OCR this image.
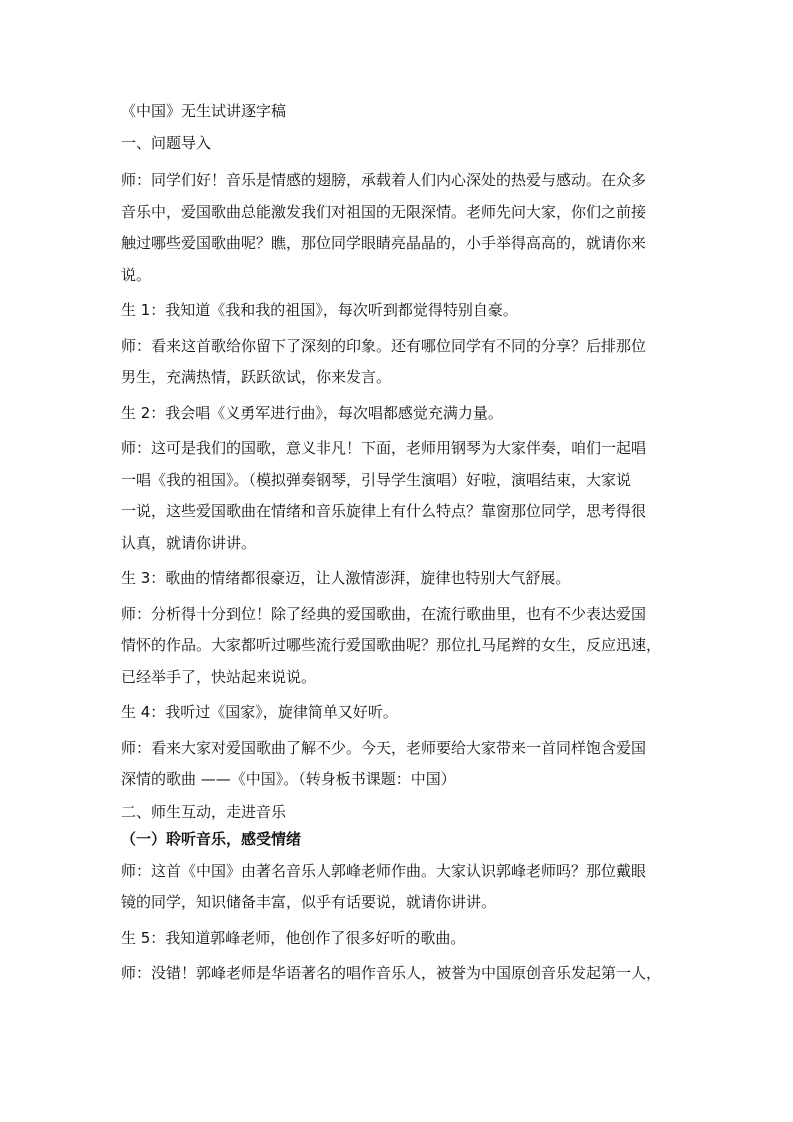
《中国》无生试讲逐字稿

一、问题导入

师：同学们好！音乐是情感的翅膀，承载着人们内心深处的热爱与感动。在众多
音乐中，爱国歌曲总能激发我们对祖国的无限深情。老师先问大家，你们之前接
触过哪些爱国歌曲呢？瞧，那位同学眼睛亮晶晶的，小手举得高高的，就请你来
说。
生 1：我知道《我和我的祖国》，每次听到都觉得特别自豪。
师：看来这首歌给你留下了深刻的印象。还有哪位同学有不同的分享？后排那位
男生，充满热情，跃跃欲试，你来发言。
生 2：我会唱《义勇军进行曲》，每次唱都感觉充满力量。
师：这可是我们的国歌，意义非凡！下面，老师用钢琴为大家伴奏，咱们一起唱
一唱《我的祖国》。（模拟弹奏钢琴，引导学生演唱）好啦，演唱结束，大家说
一说，这些爱国歌曲在情绪和音乐旋律上有什么特点？靠窗那位同学，思考得很
认真，就请你讲讲。
生 3：歌曲的情绪都很豪迈，让人激情澎湃，旋律也特别大气舒展。
师：分析得十分到位！除了经典的爱国歌曲，在流行歌曲里，也有不少表达爱国
情怀的作品。大家都听过哪些流行爱国歌曲呢？那位扎马尾辫的女生，反应迅速，
已经举手了，快站起来说说。
生 4：我听过《国家》，旋律简单又好听。
师：看来大家对爱国歌曲了解不少。今天，老师要给大家带来一首同样饱含爱国
深情的歌曲 ——《中国》。（转身板书课题：中国）

二、师生互动，走进音乐

（一）聆听音乐，感受情绪

师：这首《中国》由著名音乐人郭峰老师作曲。大家认识郭峰老师吗？那位戴眼
镜的同学，知识储备丰富，似乎有话要说，就请你讲讲。
生 5：我知道郭峰老师，他创作了很多好听的歌曲。
师：没错！郭峰老师是华语著名的唱作音乐人，被誉为中国原创音乐发起第一人，
